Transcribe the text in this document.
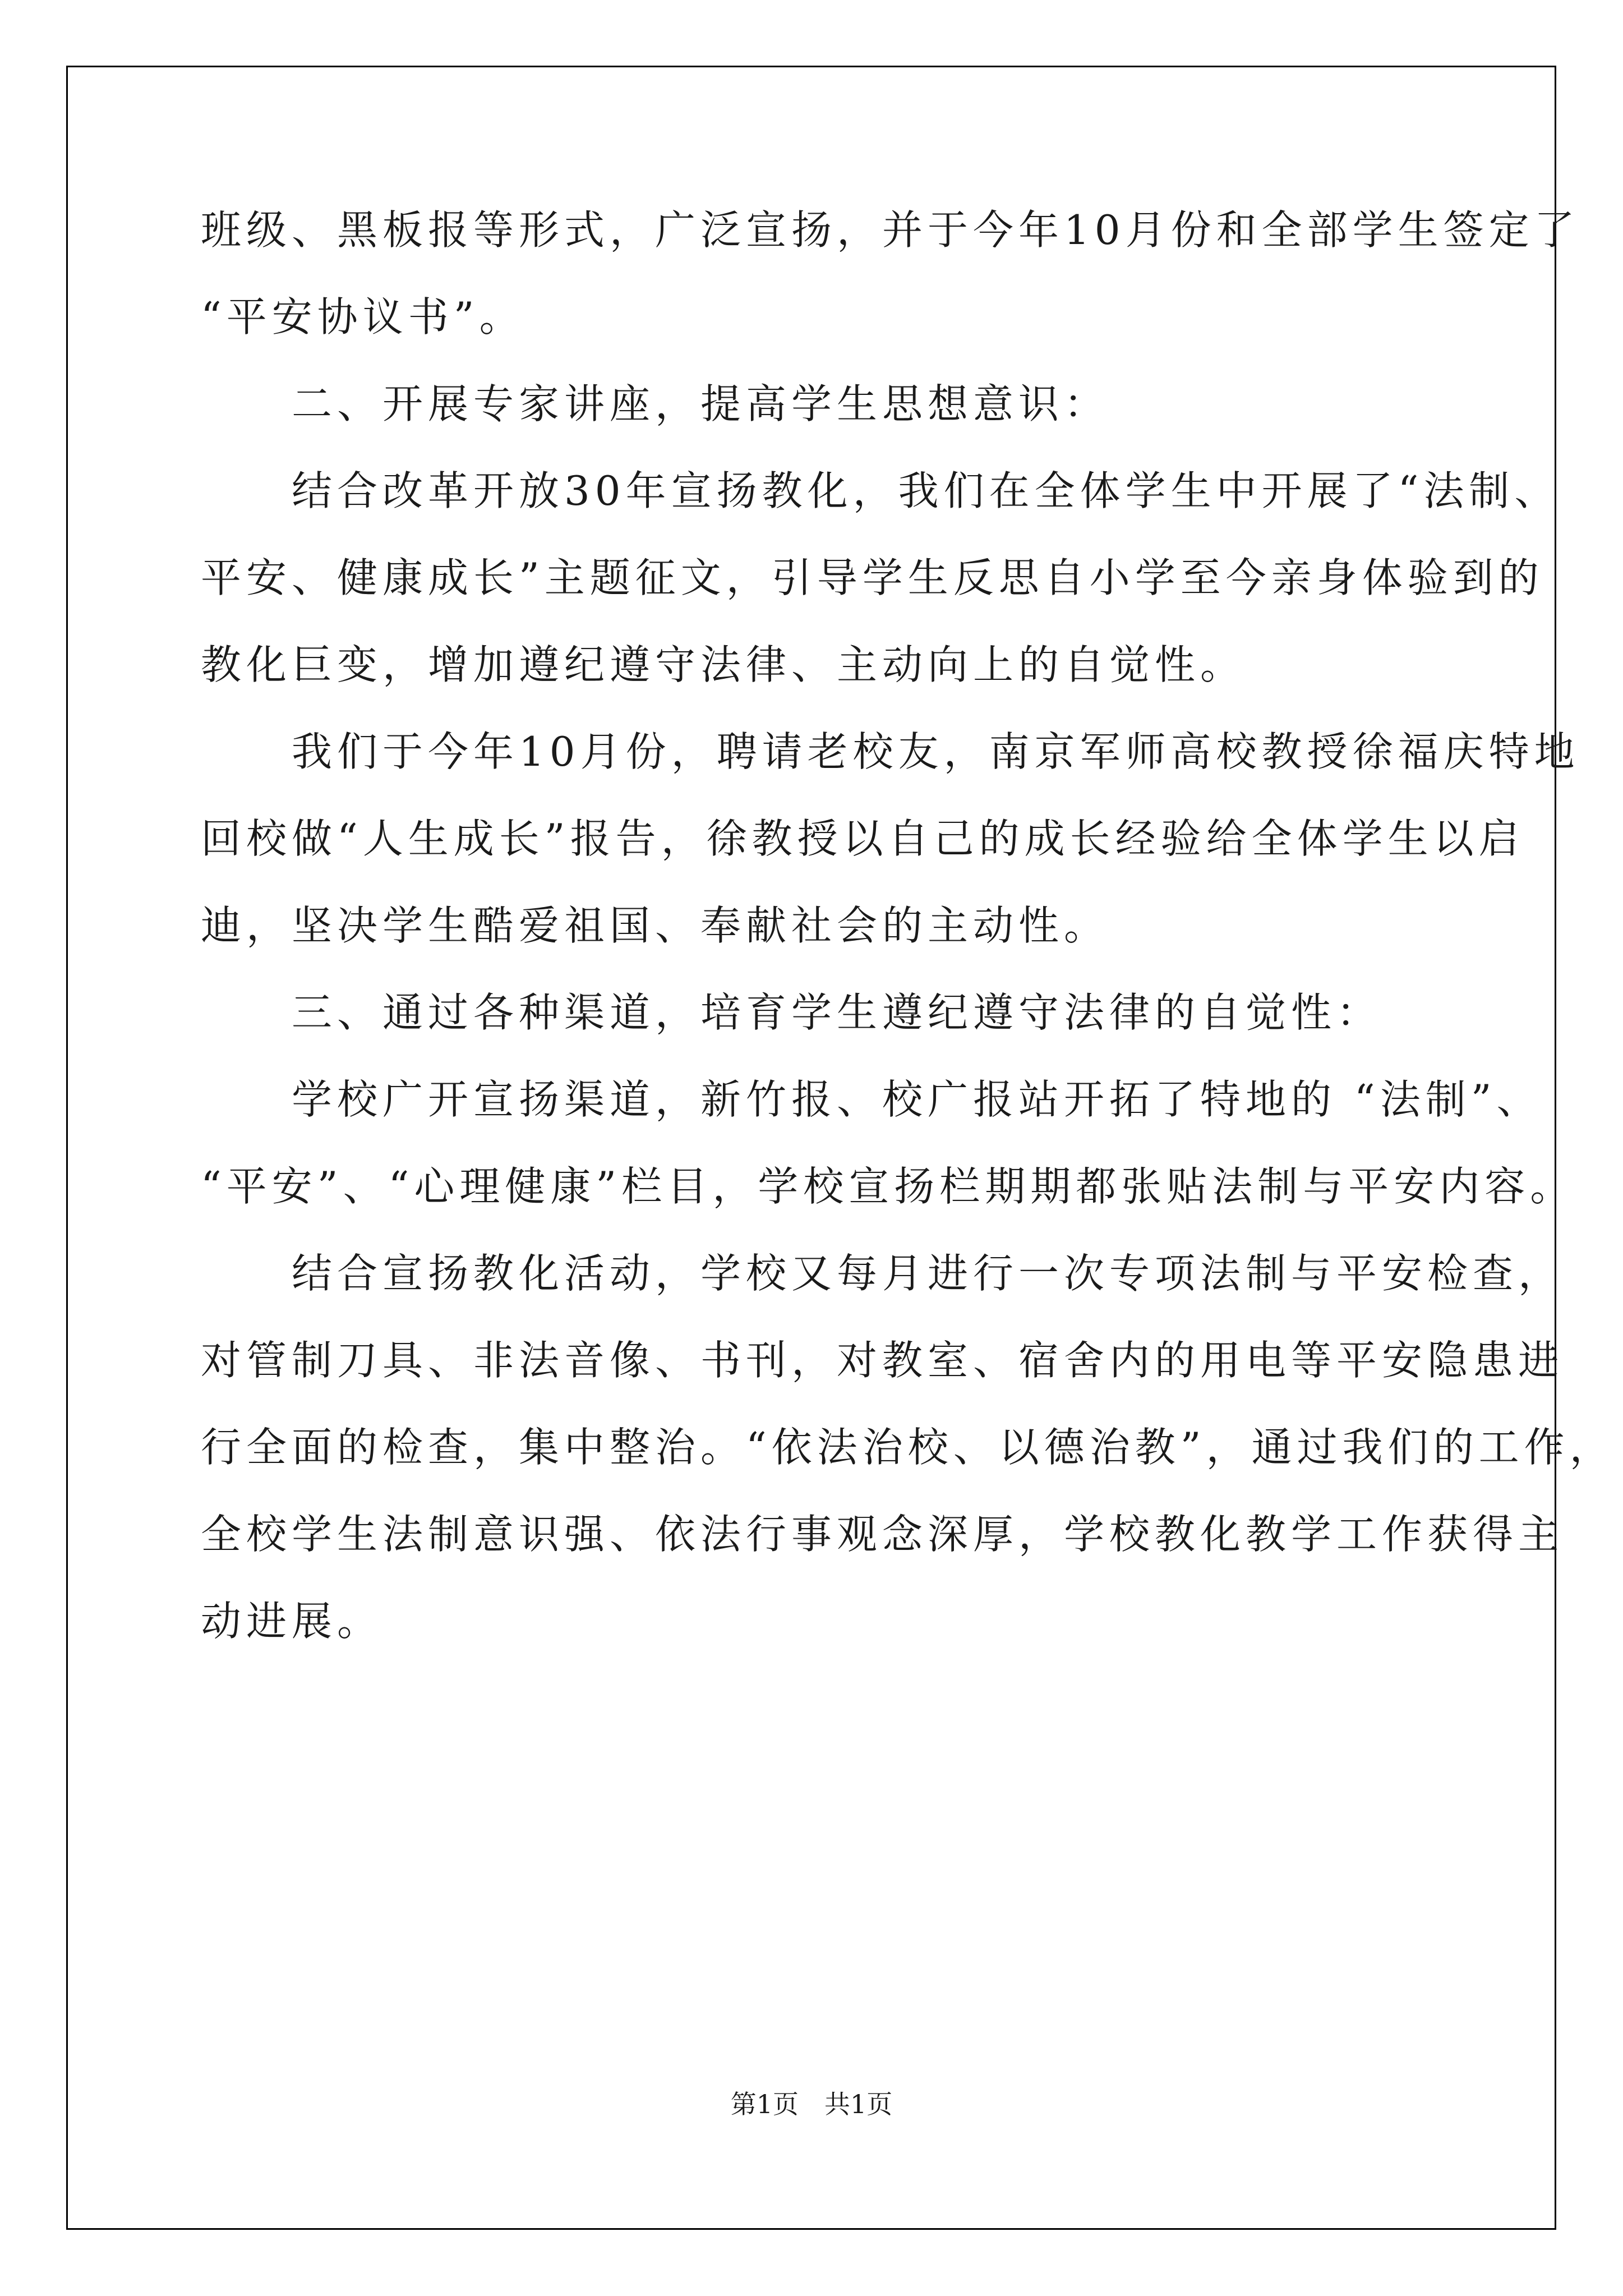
班级、黑板报等形式，广泛宣扬，并于今年10月份和全部学生签定了
“平安协议书”。
　　二、开展专家讲座，提高学生思想意识：
　　结合改革开放30年宣扬教化，我们在全体学生中开展了“法制、
平安、健康成长”主题征文，引导学生反思自小学至今亲身体验到的
教化巨变，增加遵纪遵守法律、主动向上的自觉性。
　　我们于今年10月份，聘请老校友，南京军师高校教授徐福庆特地
回校做“人生成长”报告，徐教授以自己的成长经验给全体学生以启
迪，坚决学生酷爱祖国、奉献社会的主动性。
　　三、通过各种渠道，培育学生遵纪遵守法律的自觉性：
　　学校广开宣扬渠道，新竹报、校广报站开拓了特地的 “法制”、
“平安”、“心理健康”栏目，学校宣扬栏期期都张贴法制与平安内容。
　　结合宣扬教化活动，学校又每月进行一次专项法制与平安检查，
对管制刀具、非法音像、书刊，对教室、宿舍内的用电等平安隐患进
行全面的检查，集中整治。“依法治校、以德治教”，通过我们的工作，
全校学生法制意识强、依法行事观念深厚，学校教化教学工作获得主
动进展。
第1页　共1页
